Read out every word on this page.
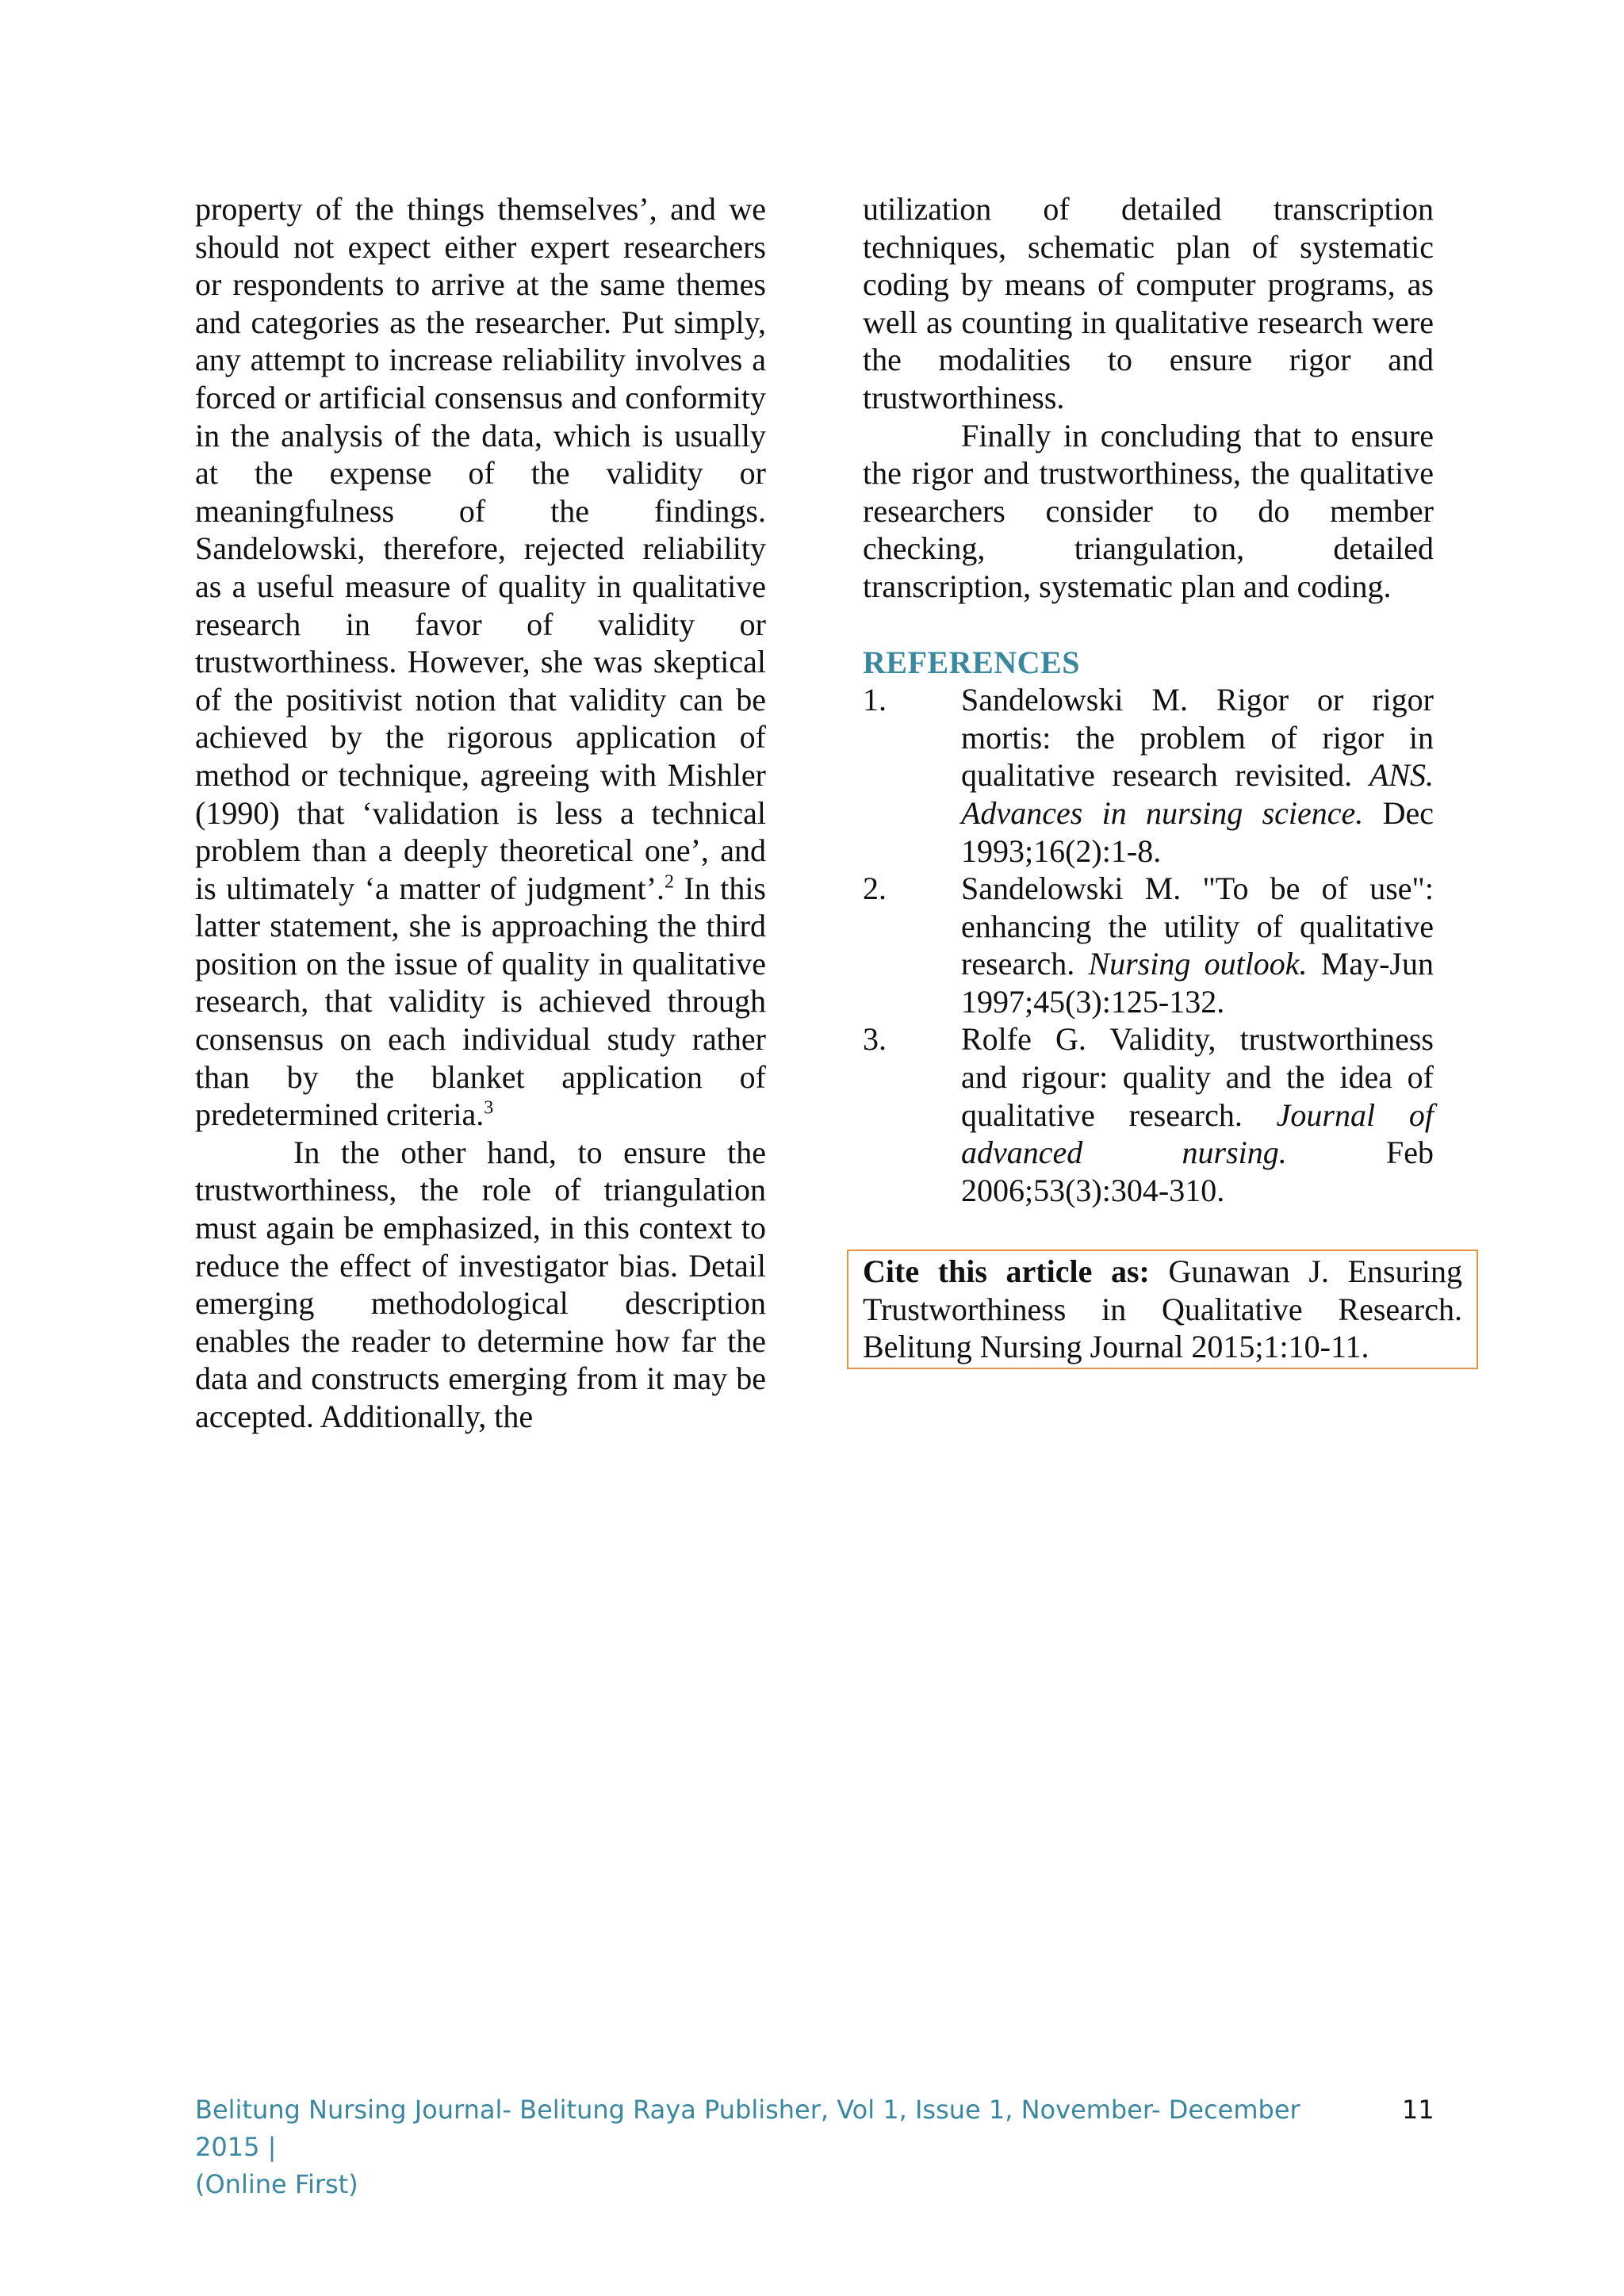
property of the things themselves’, and we should not expect either expert researchers or respondents to arrive at the same themes and categories as the researcher. Put simply, any attempt to increase reliability involves a forced or artificial consensus and conformity in the analysis of the data, which is usually at the expense of the validity or meaningfulness of the findings. Sandelowski, therefore, rejected reliability as a useful measure of quality in qualitative research in favor of validity or trustworthiness. However, she was skeptical of the positivist notion that validity can be achieved by the rigorous application of method or technique, agreeing with Mishler (1990) that ‘validation is less a technical problem than a deeply theoretical one’, and is ultimately ‘a matter of judgment’.$^2$ In this latter statement, she is approaching the third position on the issue of quality in qualitative research, that validity is achieved through consensus on each individual study rather than by the blanket application of predetermined criteria.$^3$

In the other hand, to ensure the trustworthiness, the role of triangulation must again be emphasized, in this context to reduce the effect of investigator bias. Detail emerging methodological description enables the reader to determine how far the data and constructs emerging from it may be accepted. Additionally, the

utilization of detailed transcription techniques, schematic plan of systematic coding by means of computer programs, as well as counting in qualitative research were the modalities to ensure rigor and trustworthiness.

Finally in concluding that to ensure the rigor and trustworthiness, the qualitative researchers consider to do member checking, triangulation, detailed transcription, systematic plan and coding.

REFERENCES
1.	Sandelowski M. Rigor or rigor mortis: the problem of rigor in qualitative research revisited. ANS. Advances in nursing science. Dec 1993;16(2):1-8.
2.	Sandelowski M. "To be of use": enhancing the utility of qualitative research. Nursing outlook. May-Jun 1997;45(3):125-132.
3.	Rolfe G. Validity, trustworthiness and rigour: quality and the idea of qualitative research. Journal of advanced nursing. Feb 2006;53(3):304-310.
Cite this article as: Gunawan J. Ensuring Trustworthiness in Qualitative Research. Belitung Nursing Journal 2015;1:10-11.
Belitung Nursing Journal- Belitung Raya Publisher, Vol 1, Issue 1, November- December 2015 |
(Online First)
11
